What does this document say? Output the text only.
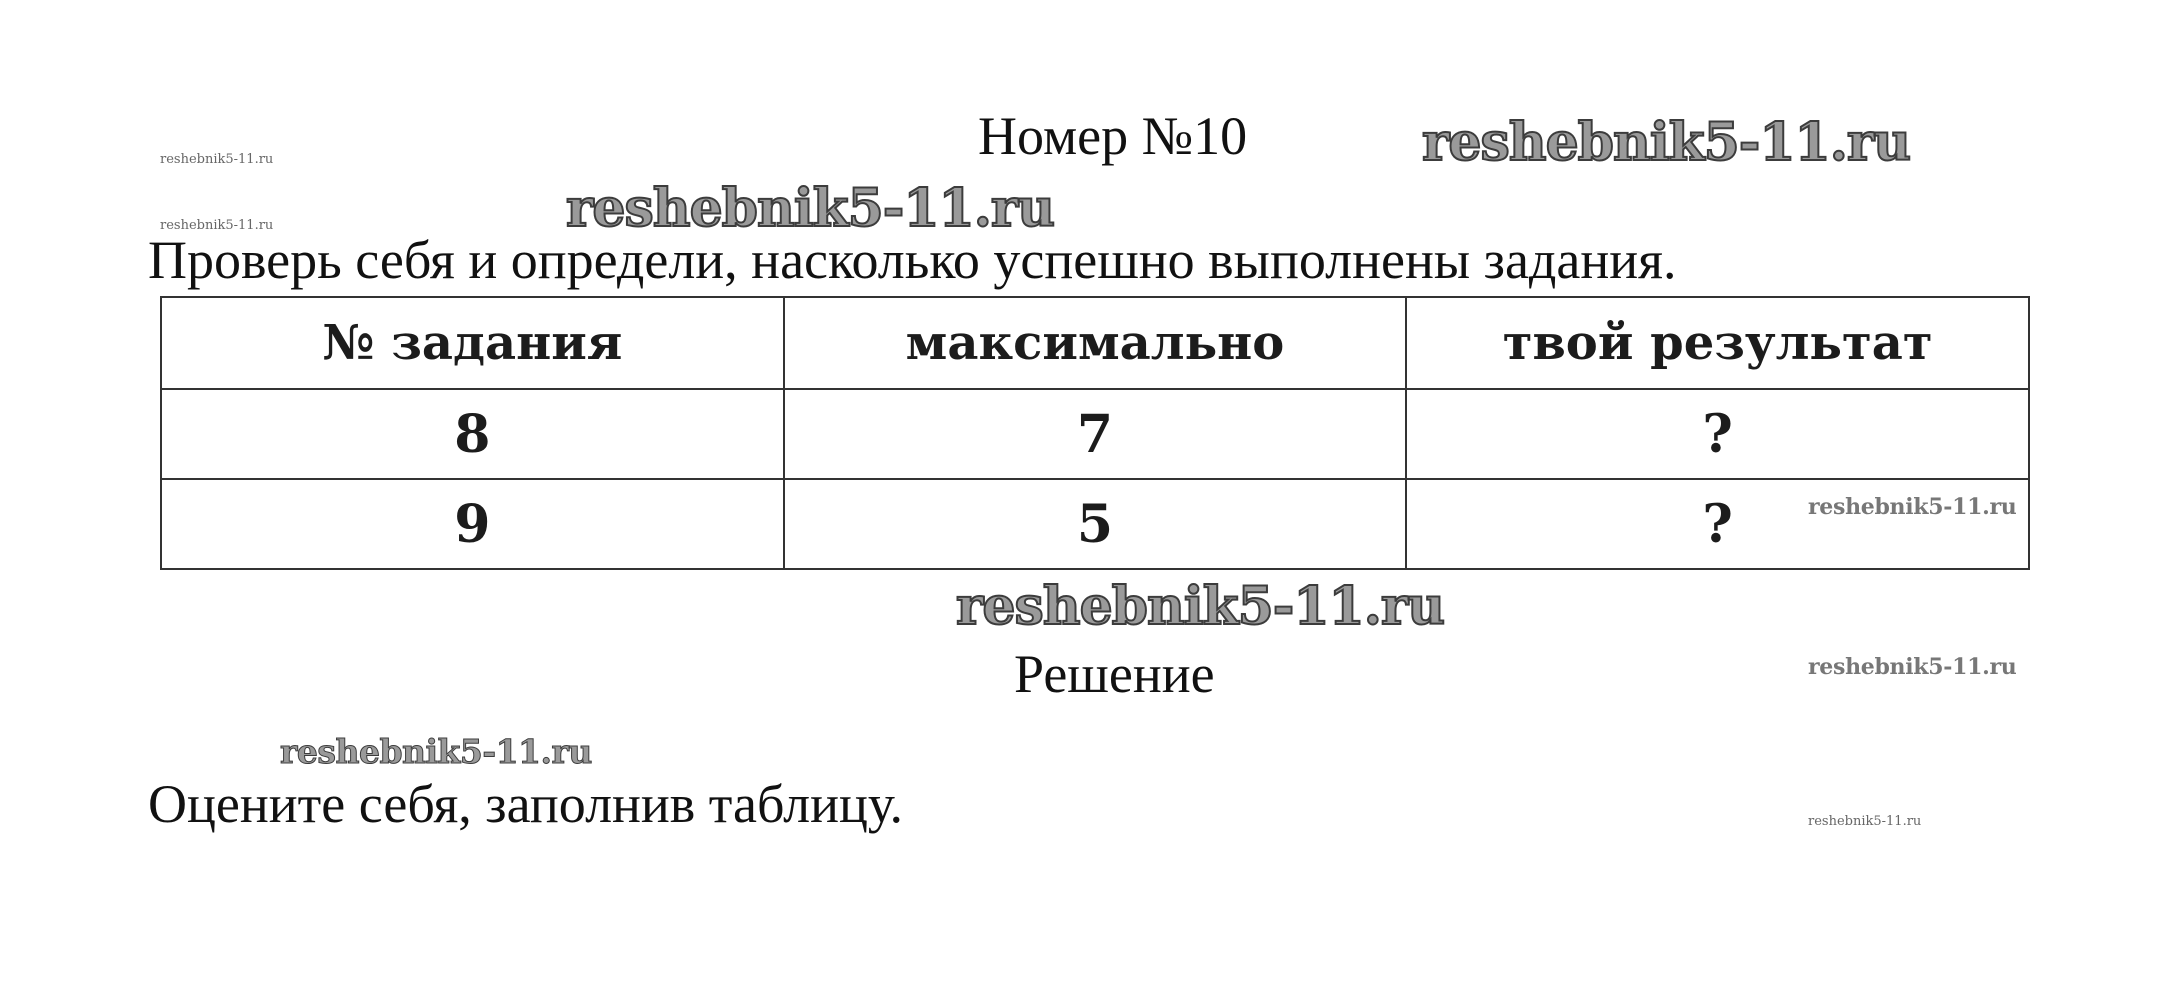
Номер №10
Проверь себя и определи, насколько успешно выполнены задания.
№ задания	максимально	твой результат
8	7	?
9	5	?
Решение
Оцените себя, заполнив таблицу.
reshebnik5-11.ru
reshebnik5-11.ru
reshebnik5-11.ru
reshebnik5-11.ru
reshebnik5-11.ru
reshebnik5-11.ru
reshebnik5-11.ru
reshebnik5-11.ru
reshebnik5-11.ru
